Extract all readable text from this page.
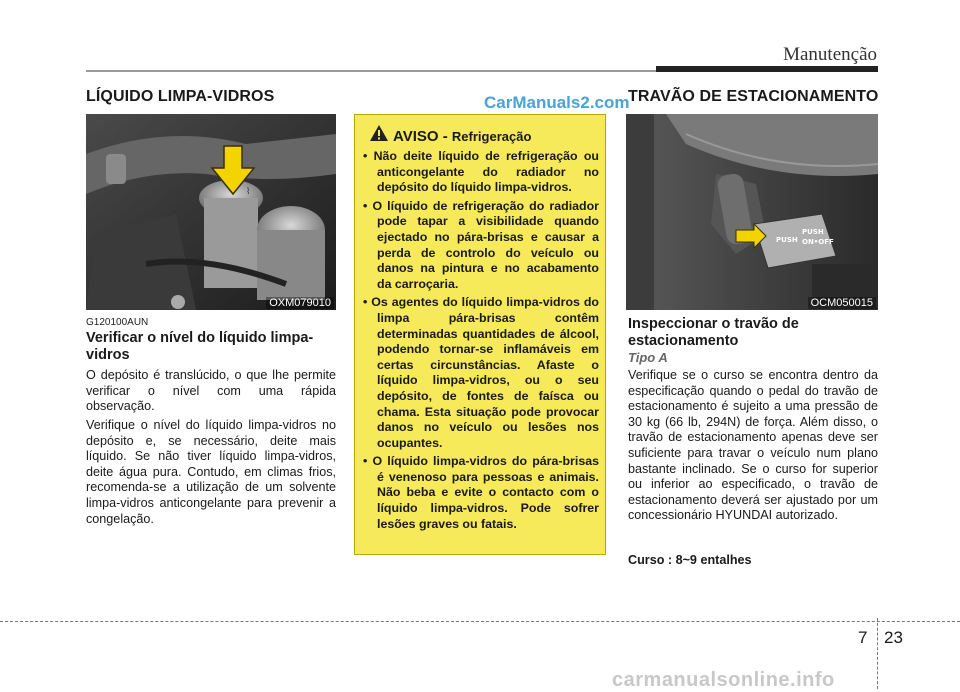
Manutenção
LÍQUIDO LIMPA-VIDROS	CarManuals2.com
TRAVÃO DE ESTACIONAMENTO
⌇
OXM079010
G120100AUN
Verificar o nível do líquido limpa-vidros
O depósito é translúcido, o que lhe permite verificar o nível com uma rápida observação.
Verifique o nível do líquido limpa-vidros no depósito e, se necessário, deite mais líquido. Se não tiver líquido limpa-vidros, deite água pura. Contudo, em climas frios, recomenda-se a utilização de um solvente limpa-vidros anticongelante para prevenir a congelação.
AVISO - Refrigeração
• Não deite líquido de refrigeração ou anticongelante do radiador no depósito do líquido limpa-vidros.
• O líquido de refrigeração do radiador pode tapar a visibilidade quando ejectado no pára-brisas e causar a perda de controlo do veículo ou danos na pintura e no acabamento da carroçaria.
• Os agentes do líquido limpa-vidros do limpa pára-brisas contêm determinadas quantidades de álcool, podendo tornar-se inflamáveis em certas circunstâncias. Afaste o líquido limpa-vidros, ou o seu depósito, de fontes de faísca ou chama. Esta situação pode provocar danos no veículo ou lesões nos ocupantes.
• O líquido limpa-vidros do pára-brisas é venenoso para pessoas e animais. Não beba e evite o contacto com o líquido limpa-vidros. Pode sofrer lesões graves ou fatais.
PUSH
PUSH
ON•OFF
OCM050015
Inspeccionar o travão de estacionamento
Tipo A
Verifique se o curso se encontra dentro da especificação quando o pedal do travão de estacionamento é sujeito a uma pressão de 30 kg (66 lb, 294N) de força. Além disso, o travão de estacionamento apenas deve ser suficiente para travar o veículo num plano bastante inclinado. Se o curso for superior ou inferior ao especificado, o travão de estacionamento deverá ser ajustado por um concessionário HYUNDAI autorizado.
Curso : 8~9 entalhes
7 23
carmanualsonline.info
